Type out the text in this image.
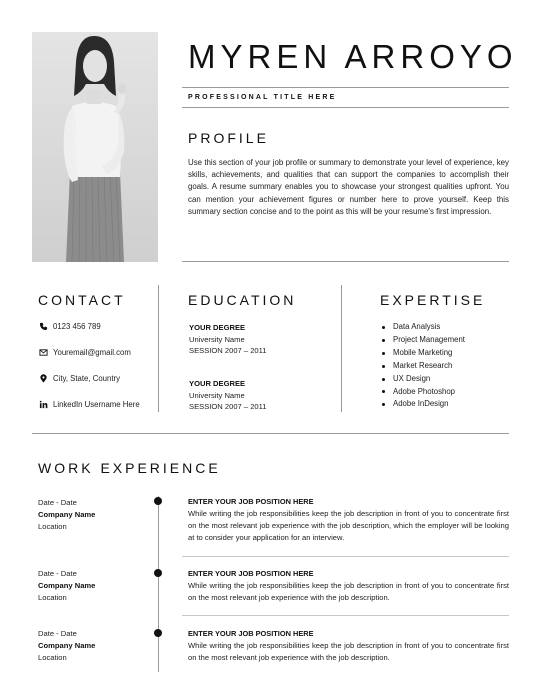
MYREN ARROYO
PROFESSIONAL TITLE HERE
PROFILE
Use this section of your job profile or summary to demonstrate your level of experience, key skills, achievements, and qualities that can support the companies to accomplish their goals. A resume summary enables you to showcase your strongest qualities upfront. You can mention your achievement figures or number here to prove yourself. Keep this summary section concise and to the point as this will be your resume’s first impression.
CONTACT
0123 456 789
Youremail@gmail.com
City, State, Country
LinkedIn Username Here
EDUCATION
YOUR DEGREE
University Name
SESSION 2007 – 2011
YOUR DEGREE
University Name
SESSION 2007 – 2011
EXPERTISE
Data Analysis
Project Management
Mobile Marketing
Market Research
UX Design
Adobe Photoshop
Adobe InDesign
WORK EXPERIENCE
Date - Date
Company Name
Location
ENTER YOUR JOB POSITION HERE
While writing the job responsibilities keep the job description in front of you to concentrate first on the most relevant job experience with the job description, which the employer will be looking at to consider your application for an interview.
Date - Date
Company Name
Location
ENTER YOUR JOB POSITION HERE
While writing the job responsibilities keep the job description in front of you to concentrate first on the most relevant job experience with the job description.
Date - Date
Company Name
Location
ENTER YOUR JOB POSITION HERE
While writing the job responsibilities keep the job description in front of you to concentrate first on the most relevant job experience with the job description.
